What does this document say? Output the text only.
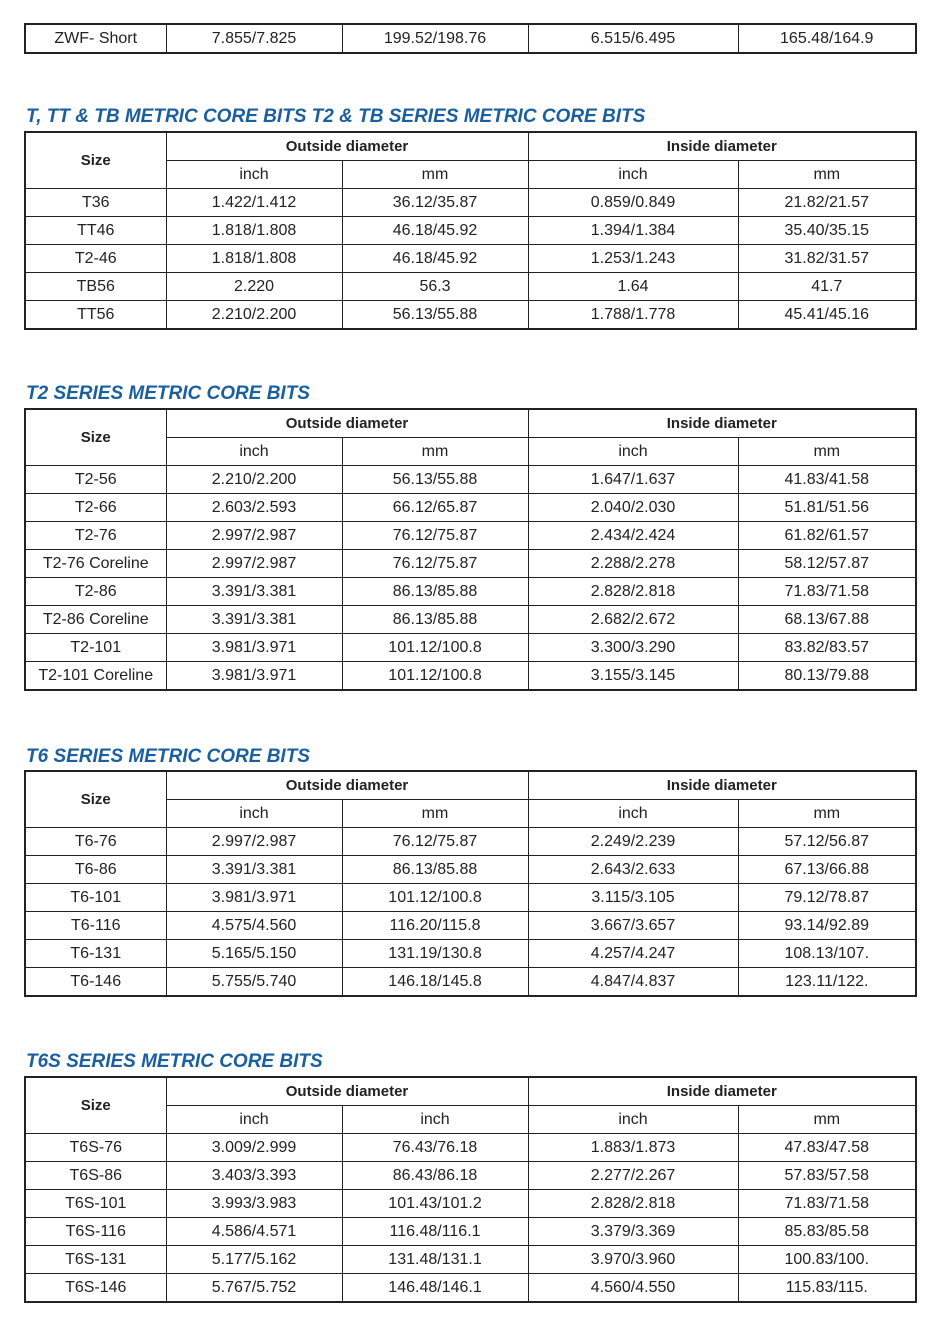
ZWF- Short	7.855/7.825	199.52/198.76	6.515/6.495	165.48/164.9
T, TT & TB METRIC CORE BITS T2 & TB SERIES METRIC CORE BITS
Size	Outside diameter		Inside diameter	
	inch	mm	inch	mm
T36	1.422/1.412	36.12/35.87	0.859/0.849	21.82/21.57
TT46	1.818/1.808	46.18/45.92	1.394/1.384	35.40/35.15
T2-46	1.818/1.808	46.18/45.92	1.253/1.243	31.82/31.57
TB56	2.220	56.3	1.64	41.7
TT56	2.210/2.200	56.13/55.88	1.788/1.778	45.41/45.16
T2 SERIES METRIC CORE BITS
Size	Outside diameter		Inside diameter	
	inch	mm	inch	mm
T2-56	2.210/2.200	56.13/55.88	1.647/1.637	41.83/41.58
T2-66	2.603/2.593	66.12/65.87	2.040/2.030	51.81/51.56
T2-76	2.997/2.987	76.12/75.87	2.434/2.424	61.82/61.57
T2-76 Coreline	2.997/2.987	76.12/75.87	2.288/2.278	58.12/57.87
T2-86	3.391/3.381	86.13/85.88	2.828/2.818	71.83/71.58
T2-86 Coreline	3.391/3.381	86.13/85.88	2.682/2.672	68.13/67.88
T2-101	3.981/3.971	101.12/100.8	3.300/3.290	83.82/83.57
T2-101 Coreline	3.981/3.971	101.12/100.8	3.155/3.145	80.13/79.88
T6 SERIES METRIC CORE BITS
Size	Outside diameter		Inside diameter	
	inch	mm	inch	mm
T6-76	2.997/2.987	76.12/75.87	2.249/2.239	57.12/56.87
T6-86	3.391/3.381	86.13/85.88	2.643/2.633	67.13/66.88
T6-101	3.981/3.971	101.12/100.8	3.115/3.105	79.12/78.87
T6-116	4.575/4.560	116.20/115.8	3.667/3.657	93.14/92.89
T6-131	5.165/5.150	131.19/130.8	4.257/4.247	108.13/107.
T6-146	5.755/5.740	146.18/145.8	4.847/4.837	123.11/122.
T6S SERIES METRIC CORE BITS
Size	Outside diameter		Inside diameter	
	inch	inch	inch	mm
T6S-76	3.009/2.999	76.43/76.18	1.883/1.873	47.83/47.58
T6S-86	3.403/3.393	86.43/86.18	2.277/2.267	57.83/57.58
T6S-101	3.993/3.983	101.43/101.2	2.828/2.818	71.83/71.58
T6S-116	4.586/4.571	116.48/116.1	3.379/3.369	85.83/85.58
T6S-131	5.177/5.162	131.48/131.1	3.970/3.960	100.83/100.
T6S-146	5.767/5.752	146.48/146.1	4.560/4.550	115.83/115.
